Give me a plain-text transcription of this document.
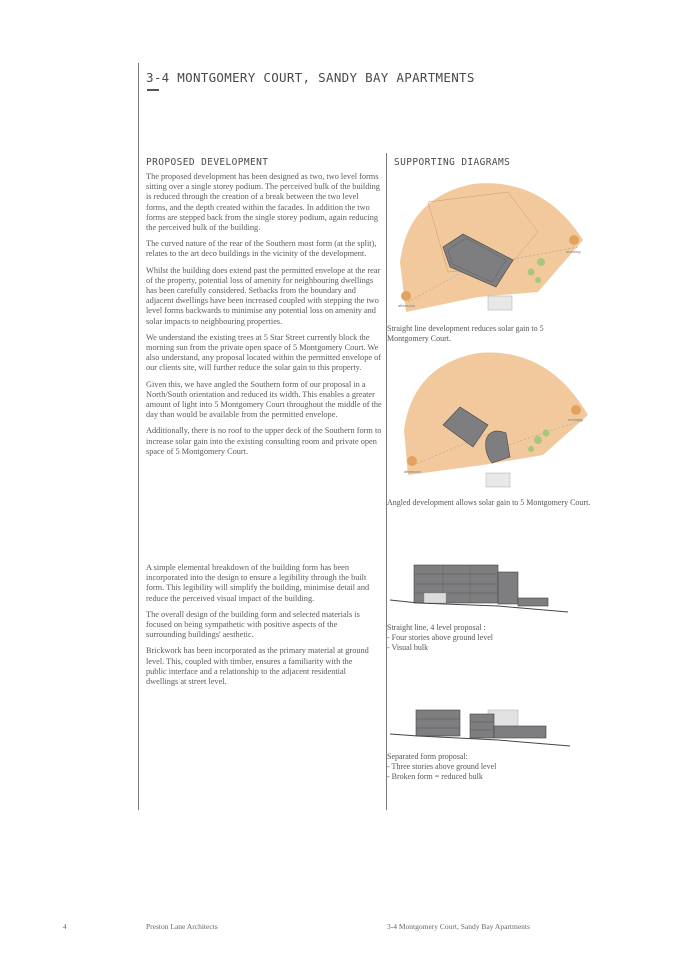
3-4 MONTGOMERY COURT, SANDY BAY APARTMENTS
PROPOSED DEVELOPMENT

The proposed development has been designed as two, two level forms sitting over a single storey podium. The perceived bulk of the building is reduced through the creation of a break between the two level forms, and the depth created within the facades. In addition the two forms are stepped back from the single storey podium, again reducing the perceived bulk of the building.

The curved nature of the rear of the Southern most form (at the split), relates to the art deco buildings in the vicinity of the development.

Whilst the building does extend past the permitted envelope at the rear of the property, potential loss of amenity for neighbouring dwellings has been carefully considered. Setbacks from the boundary and adjacent dwellings have been increased coupled with stepping the two level forms backwards to minimise any potential loss on amenity and solar impacts to neighbouring properties.

We understand the existing trees at 5 Star Street currently block the morning sun from the private open space of 5 Montgomery Court. We also understand, any proposal located within the permitted envelope of our clients site, will further reduce the solar gain to this property.

Given this, we have angled the Southern form of our proposal in a North/South orientation and reduced its width. This enables a greater amount of light into 5 Montgomery Court throughout the middle of the day than would be available from the permitted envelope.

Additionally, there is no roof to the upper deck of the Southern form to increase solar gain into the existing consulting room and private open space of 5 Montgomery Court.

A simple elemental breakdown of the building form has been incorporated into the design to ensure a legibility through the built form. This legibility will simplify the building, minimise detail and reduce the perceived visual impact of the building.

The overall design of the building form and selected materials is focused on being sympathetic with positive aspects of the surrounding buildings' aesthetic.

Brickwork has been incorporated as the primary material at ground level. This, coupled with timber, ensures a familiarity with the public interface and a relationship to the adjacent residential dwellings at street level.

SUPPORTING DIAGRAMS
morning
afternoon
Straight line development reduces solar gain to 5 Montgomery Court.
morning
afternoon
Angled development allows solar gain to 5 Montgomery Court.
Straight line, 4 level proposal :
- Four stories above ground level
- Visual bulk
Separated form proposal:
- Three stories above ground level
- Broken form = reduced bulk
4	Preston Lane Architects	3-4 Montgomery Court, Sandy Bay Apartments
